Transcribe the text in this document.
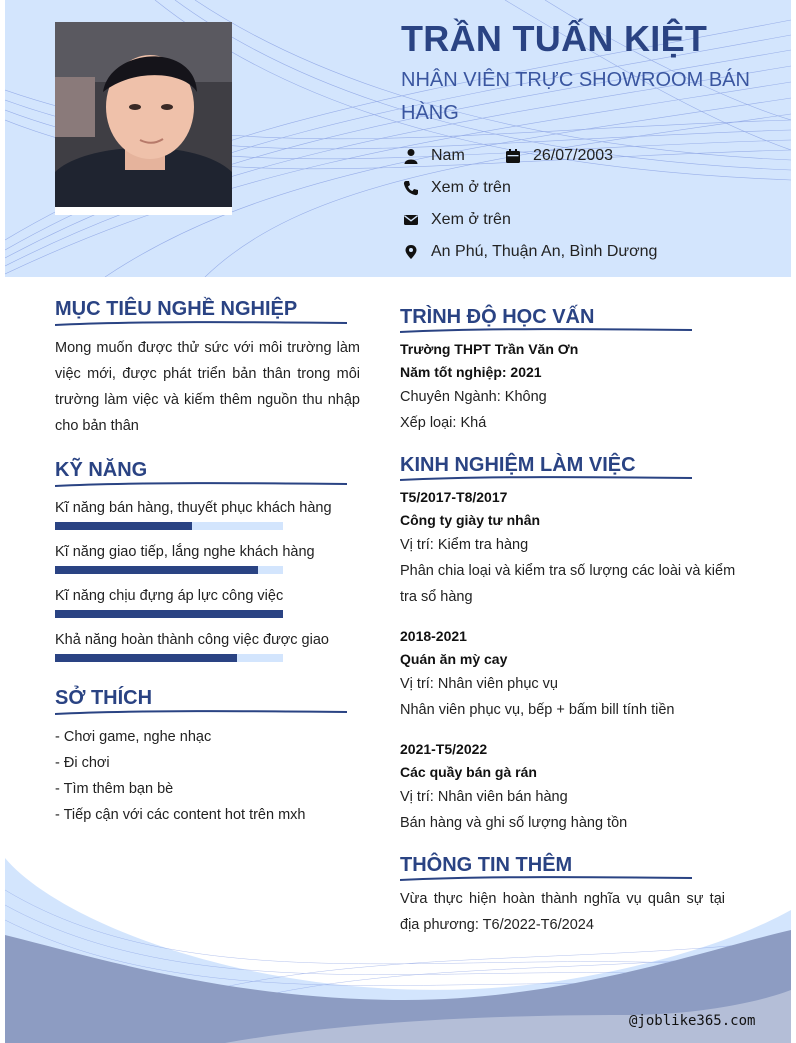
TRẦN TUẤN KIỆT
NHÂN VIÊN TRỰC SHOWROOM BÁN HÀNG
Nam	26/07/2003
Xem ở trên
Xem ở trên
An Phú, Thuận An, Bình Dương
MỤC TIÊU NGHỀ NGHIỆP
Mong muốn được thử sức với môi trường làm việc mới, được phát triển bản thân trong môi trường làm việc và kiếm thêm nguồn thu nhập cho bản thân
KỸ NĂNG
Kĩ năng bán hàng, thuyết phục khách hàng
Kĩ năng giao tiếp, lắng nghe khách hàng
Kĩ năng chịu đựng áp lực công việc
Khả năng hoàn thành công việc được giao
SỞ THÍCH
- Chơi game, nghe nhạc
- Đi chơi
- Tìm thêm bạn bè
- Tiếp cận với các content hot trên mxh
TRÌNH ĐỘ HỌC VẤN
Trường THPT Trần Văn Ơn
Năm tốt nghiệp: 2021
Chuyên Ngành: Không
Xếp loại: Khá
KINH NGHIỆM LÀM VIỆC
T5/2017-T8/2017
Công ty giày tư nhân
Vị trí: Kiểm tra hàng
Phân chia loại và kiểm tra số lượng các loài và kiểm
tra sổ hàng
2018-2021
Quán ăn mỳ cay
Vị trí: Nhân viên phục vụ
Nhân viên phục vụ, bếp + bấm bill tính tiền
2021-T5/2022
Các quầy bán gà rán
Vị trí: Nhân viên bán hàng
Bán hàng và ghi số lượng hàng tồn
THÔNG TIN THÊM
Vừa thực hiện hoàn thành nghĩa vụ quân sự tại địa phương: T6/2022-T6/2024
@joblike365.com
